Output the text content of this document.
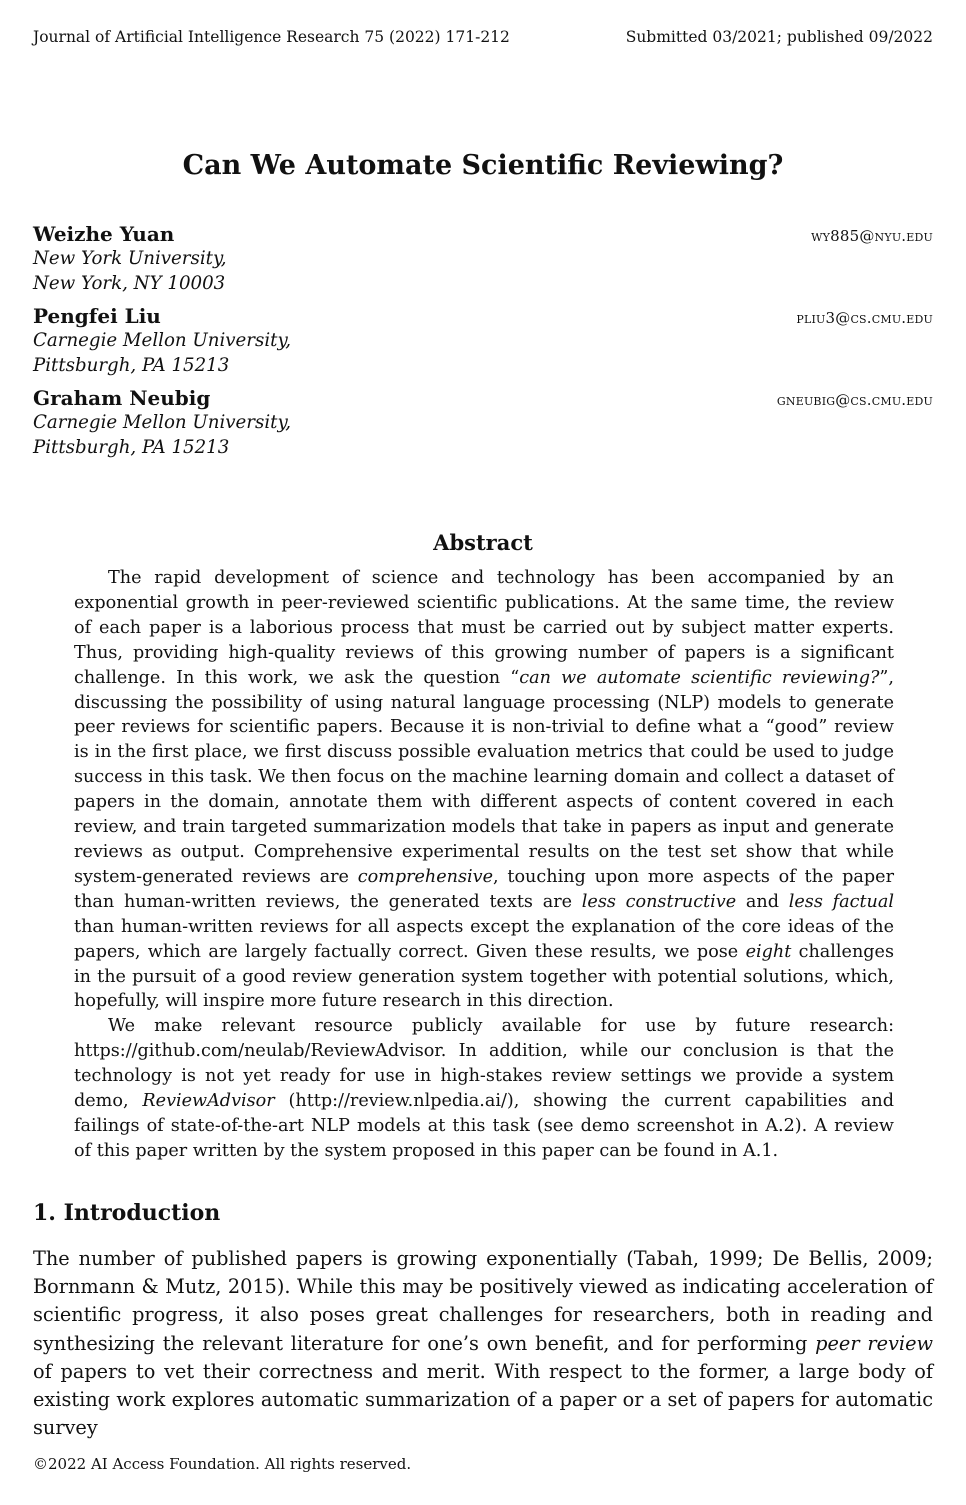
Journal of Artificial Intelligence Research 75 (2022) 171-212	Submitted 03/2021; published 09/2022
Can We Automate Scientific Reviewing?
Weizhe Yuan	wy885@nyu.edu
New York University,
New York, NY 10003
Pengfei Liu	pliu3@cs.cmu.edu
Carnegie Mellon University,
Pittsburgh, PA 15213
Graham Neubig	gneubig@cs.cmu.edu
Carnegie Mellon University,
Pittsburgh, PA 15213
Abstract

The rapid development of science and technology has been accompanied by an exponential growth in peer-reviewed scientific publications. At the same time, the review of each paper is a laborious process that must be carried out by subject matter experts. Thus, providing high-quality reviews of this growing number of papers is a significant challenge. In this work, we ask the question “can we automate scientific reviewing?”, discussing the possibility of using natural language processing (NLP) models to generate peer reviews for scientific papers. Because it is non-trivial to define what a “good” review is in the first place, we first discuss possible evaluation metrics that could be used to judge success in this task. We then focus on the machine learning domain and collect a dataset of papers in the domain, annotate them with different aspects of content covered in each review, and train targeted summarization models that take in papers as input and generate reviews as output. Comprehensive experimental results on the test set show that while system-generated reviews are comprehensive, touching upon more aspects of the paper than human-written reviews, the generated texts are less constructive and less factual than human-written reviews for all aspects except the explanation of the core ideas of the papers, which are largely factually correct. Given these results, we pose eight challenges in the pursuit of a good review generation system together with potential solutions, which, hopefully, will inspire more future research in this direction.

We make relevant resource publicly available for use by future research: https://github.com/neulab/ReviewAdvisor. In addition, while our conclusion is that the technology is not yet ready for use in high-stakes review settings we provide a system demo, ReviewAdvisor (http://review.nlpedia.ai/), showing the current capabilities and failings of state-of-the-art NLP models at this task (see demo screenshot in A.2). A review of this paper written by the system proposed in this paper can be found in A.1.

1. Introduction

The number of published papers is growing exponentially (Tabah, 1999; De Bellis, 2009; Bornmann & Mutz, 2015). While this may be positively viewed as indicating acceleration of scientific progress, it also poses great challenges for researchers, both in reading and synthesizing the relevant literature for one’s own benefit, and for performing peer review of papers to vet their correctness and merit. With respect to the former, a large body of existing work explores automatic summarization of a paper or a set of papers for automatic survey

©2022 AI Access Foundation. All rights reserved.
